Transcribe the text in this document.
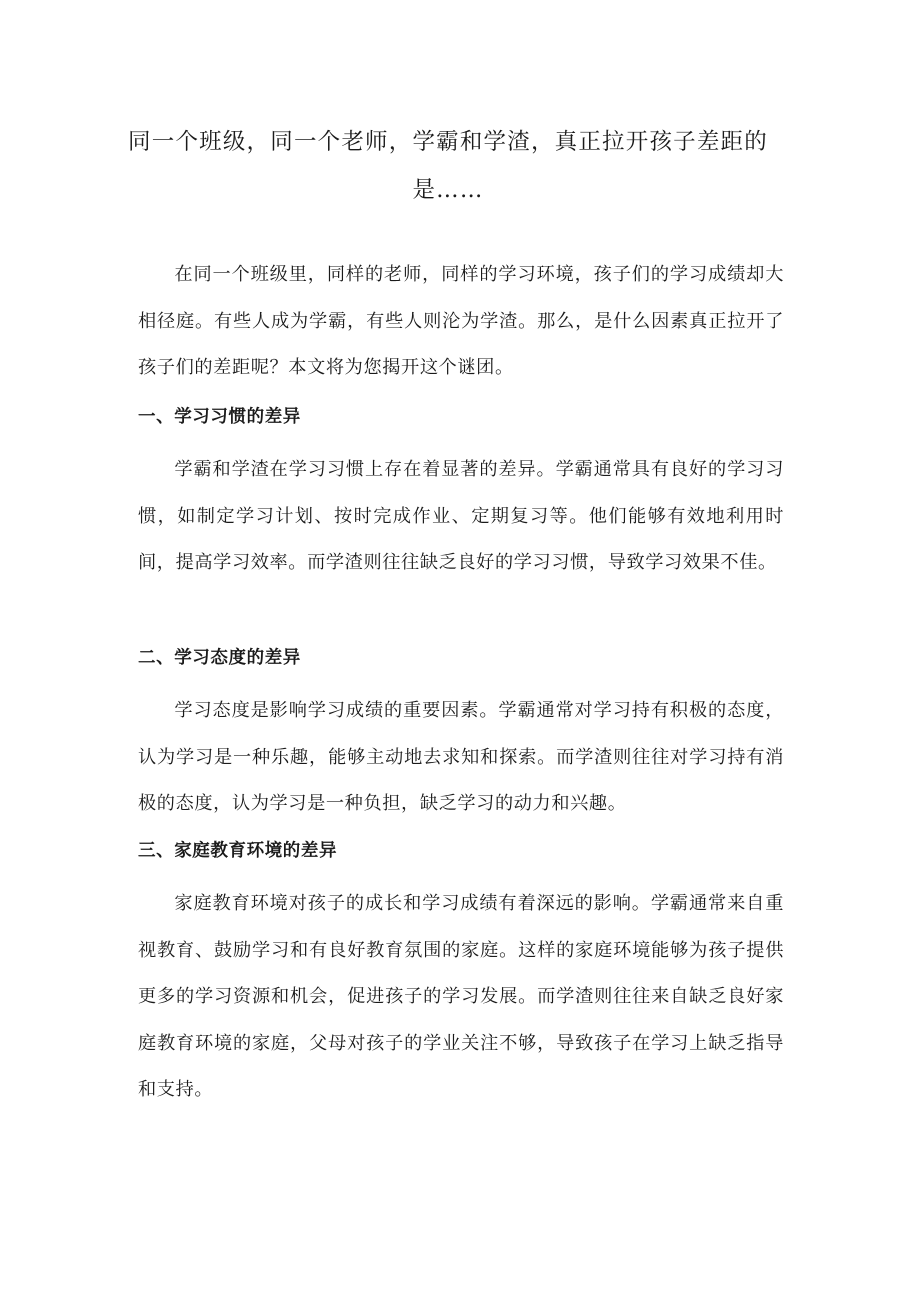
同一个班级，同一个老师，学霸和学渣，真正拉开孩子差距的是……

在同一个班级里，同样的老师，同样的学习环境，孩子们的学习成绩却大相径庭。有些人成为学霸，有些人则沦为学渣。那么，是什么因素真正拉开了孩子们的差距呢？本文将为您揭开这个谜团。

一、学习习惯的差异

学霸和学渣在学习习惯上存在着显著的差异。学霸通常具有良好的学习习惯，如制定学习计划、按时完成作业、定期复习等。他们能够有效地利用时间，提高学习效率。而学渣则往往缺乏良好的学习习惯，导致学习效果不佳。

二、学习态度的差异

学习态度是影响学习成绩的重要因素。学霸通常对学习持有积极的态度，认为学习是一种乐趣，能够主动地去求知和探索。而学渣则往往对学习持有消极的态度，认为学习是一种负担，缺乏学习的动力和兴趣。

三、家庭教育环境的差异

家庭教育环境对孩子的成长和学习成绩有着深远的影响。学霸通常来自重视教育、鼓励学习和有良好教育氛围的家庭。这样的家庭环境能够为孩子提供更多的学习资源和机会，促进孩子的学习发展。而学渣则往往来自缺乏良好家庭教育环境的家庭，父母对孩子的学业关注不够，导致孩子在学习上缺乏指导和支持。
